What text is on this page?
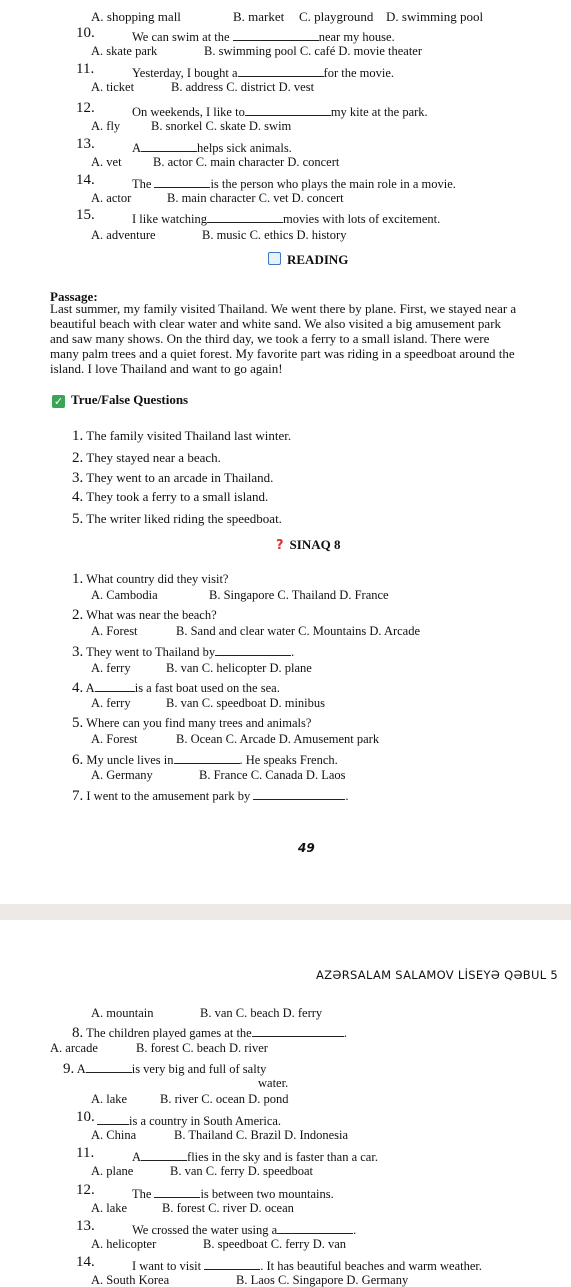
A. shopping mall	B. market C. playground D. swimming pool
10.	We can swim at the	near my house.
A. skate park	B. swimming pool C. café D. movie theater
11.	Yesterday, I bought a	for the movie.
A. ticket	B. address C. district D. vest
12.	On weekends, I like to	my kite at the park.
A. fly B. snorkel C. skate D. swim
13.	A	helps sick animals.
A. vet	B. actor C. main character D. concert
14.	The	is the person who plays the main role in a movie.
A. actor	B. main character C. vet D. concert
15.	I like watching	movies with lots of excitement.
A. adventure	B. music C. ethics D. history
READING
Passage:
Last summer, my family visited Thailand. We went there by plane. First, we stayed near a
beautiful beach with clear water and white sand. We also visited a big amusement park
and saw many shows. On the third day, we took a ferry to a small island. There were
many palm trees and a quiet forest. My favorite part was riding in a speedboat around the
island. I love Thailand and want to go again!
✓ True/False Questions
1. The family visited Thailand last winter.
2. They stayed near a beach.
3. They went to an arcade in Thailand.
4. They took a ferry to a small island.
5. The writer liked riding the speedboat.
? SINAQ 8
1. What country did they visit?
A. Cambodia	B. Singapore C. Thailand D. France
2. What was near the beach?
A. Forest	B. Sand and clear water C. Mountains D. Arcade
3. They went to Thailand by	.
A. ferry	B. van C. helicopter D. plane
4. A	is a fast boat used on the sea.
A. ferry	B. van C. speedboat D. minibus
5. Where can you find many trees and animals?
A. Forest	B. Ocean C. Arcade D. Amusement park
6. My uncle lives in	. He speaks French.
A. Germany	B. France C. Canada D. Laos
7. I went to the amusement park by	.
49
AZƏRSALAM SALAMOV LİSEYƏ QƏBUL 5
A. mountain	B. van C. beach D. ferry
8. The children played games at the	.
A. arcade	B. forest C. beach D. river
9. A	is very big and full of salty
water.
A. lake	B. river C. ocean D. pond
10.	is a country in South America.
A. China	B. Thailand C. Brazil D. Indonesia
11.	A	flies in the sky and is faster than a car.
A. plane	B. van C. ferry D. speedboat
12.	The	is between two mountains.
A. lake	B. forest C. river D. ocean
13.	We crossed the water using a	.
A. helicopter	B. speedboat C. ferry D. van
14.	I want to visit	. It has beautiful beaches and warm weather.
A. South Korea	B. Laos C. Singapore D. Germany
